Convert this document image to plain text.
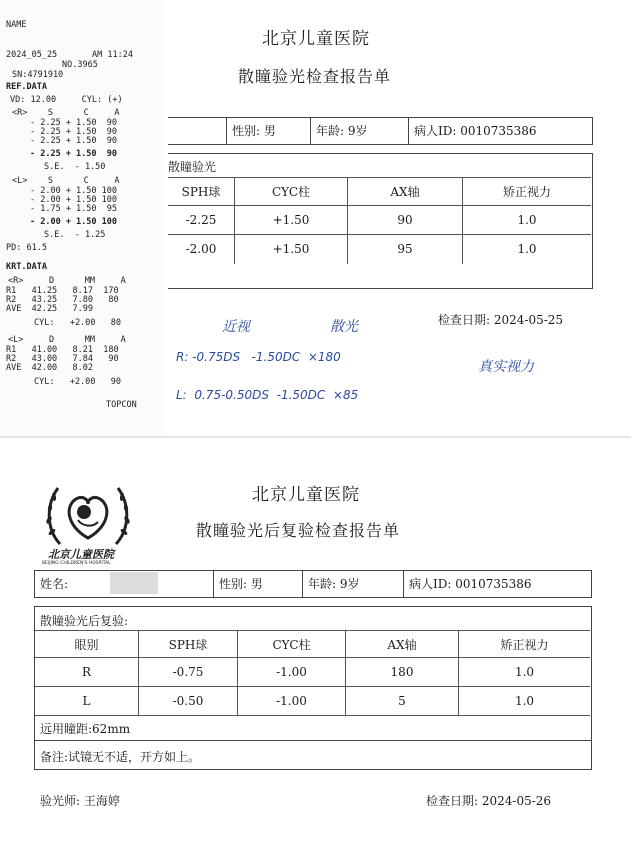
NAME
2024_05_25	AM 11:24
NO.3965
SN:4791910
REF.DATA
VD: 12.00     CYL: (+)
<R>    S      C     A
- 2.25 + 1.50  90
- 2.25 + 1.50  90
- 2.25 + 1.50  90
- 2.25 + 1.50  90
S.E.  - 1.50
<L>    S      C     A
- 2.00 + 1.50 100
- 2.00 + 1.50 100
- 1.75 + 1.50  95
- 2.00 + 1.50 100
S.E.  - 1.25
PD: 61.5
KRT.DATA
<R>     D      MM     A
R1   41.25   8.17  170
R2   43.25   7.80   80
AVE  42.25   7.99
CYL:   +2.00   80
<L>     D      MM     A
R1   41.00   8.21  180
R2   43.00   7.84   90
AVE  42.00   8.02
CYL:   +2.00   90
TOPCON
北京儿童医院
散瞳验光检查报告单
性别: 男	年龄: 9岁	病人ID: 0010735386
散瞳验光
SPH球	CYC柱	AX轴	矫正视力
-2.25	+1.50	90	1.0
-2.00	+1.50	95	1.0
检查日期: 2024-05-25
近视	散光
R: -0.75DS   -1.50DC  ×180
L:  0.75-0.50DS  -1.50DC  ×85
真实视力
北京儿童医院
BEIJING CHILDREN'S HOSPITAL
北京儿童医院
散瞳验光后复验检查报告单
姓名:	性别: 男	年龄: 9岁	病人ID: 0010735386
散瞳验光后复验:
眼别	SPH球	CYC柱	AX轴	矫正视力
R	-0.75	-1.00	180	1.0
L	-0.50	-1.00	5	1.0
远用瞳距:62mm
备注:试镜无不适，开方如上。
验光师: 王海婷	检查日期: 2024-05-26
